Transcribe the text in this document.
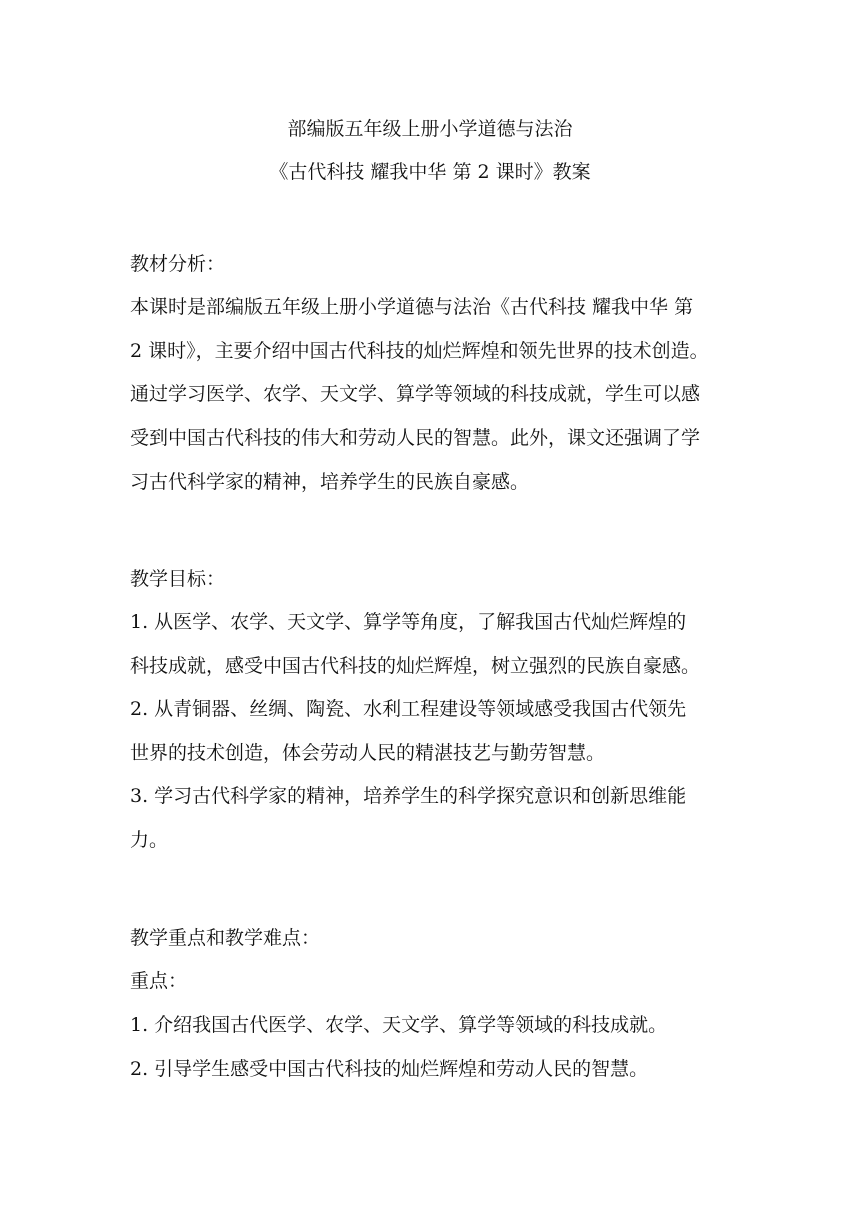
部编版五年级上册小学道德与法治
《古代科技 耀我中华 第 2 课时》教案
教材分析：
本课时是部编版五年级上册小学道德与法治《古代科技 耀我中华 第
2 课时》，主要介绍中国古代科技的灿烂辉煌和领先世界的技术创造。
通过学习医学、农学、天文学、算学等领域的科技成就，学生可以感
受到中国古代科技的伟大和劳动人民的智慧。此外，课文还强调了学
习古代科学家的精神，培养学生的民族自豪感。
教学目标：
1. 从医学、农学、天文学、算学等角度，了解我国古代灿烂辉煌的
科技成就，感受中国古代科技的灿烂辉煌，树立强烈的民族自豪感。
2. 从青铜器、丝绸、陶瓷、水利工程建设等领域感受我国古代领先
世界的技术创造，体会劳动人民的精湛技艺与勤劳智慧。
3. 学习古代科学家的精神，培养学生的科学探究意识和创新思维能
力。
教学重点和教学难点：
重点：
1. 介绍我国古代医学、农学、天文学、算学等领域的科技成就。
2. 引导学生感受中国古代科技的灿烂辉煌和劳动人民的智慧。
